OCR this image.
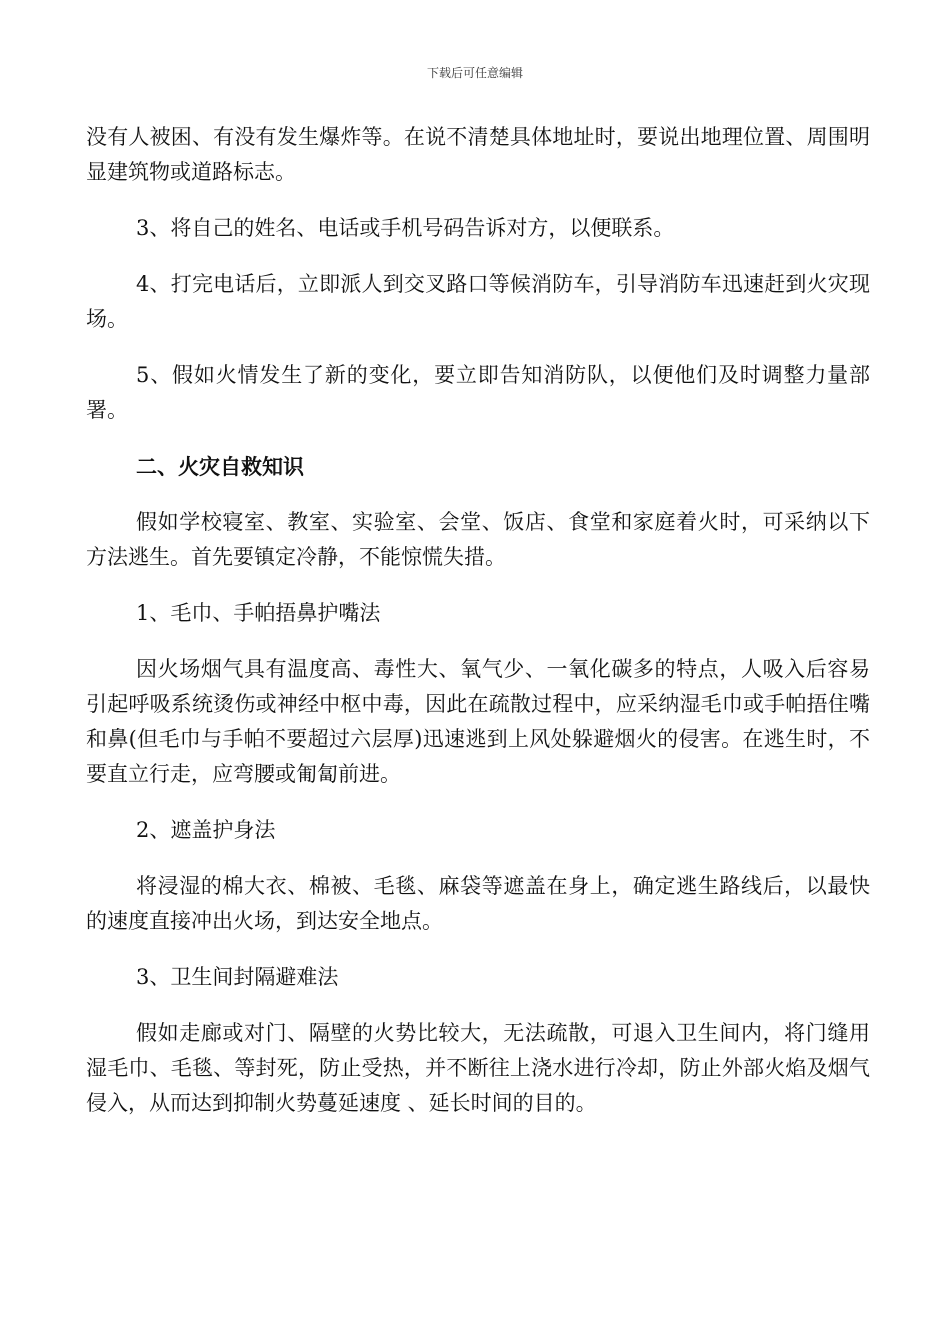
下载后可任意编辑

没有人被困、有没有发生爆炸等。在说不清楚具体地址时，要说出地理位置、周围明显建筑物或道路标志。

3、将自己的姓名、电话或手机号码告诉对方，以便联系。

4、打完电话后，立即派人到交叉路口等候消防车，引导消防车迅速赶到火灾现场。

5、假如火情发生了新的变化，要立即告知消防队，以便他们及时调整力量部署。

二、火灾自救知识

假如学校寝室、教室、实验室、会堂、饭店、食堂和家庭着火时，可采纳以下方法逃生。首先要镇定冷静，不能惊慌失措。

1、毛巾、手帕捂鼻护嘴法

因火场烟气具有温度高、毒性大、氧气少、一氧化碳多的特点，人吸入后容易引起呼吸系统烫伤或神经中枢中毒，因此在疏散过程中，应采纳湿毛巾或手帕捂住嘴和鼻(但毛巾与手帕不要超过六层厚)迅速逃到上风处躲避烟火的侵害。在逃生时，不要直立行走，应弯腰或匍匐前进。

2、遮盖护身法

将浸湿的棉大衣、棉被、毛毯、麻袋等遮盖在身上，确定逃生路线后，以最快的速度直接冲出火场，到达安全地点。

3、卫生间封隔避难法

假如走廊或对门、隔壁的火势比较大，无法疏散，可退入卫生间内，将门缝用湿毛巾、毛毯、等封死，防止受热，并不断往上浇水进行冷却，防止外部火焰及烟气侵入，从而达到抑制火势蔓延速度 、延长时间的目的。
